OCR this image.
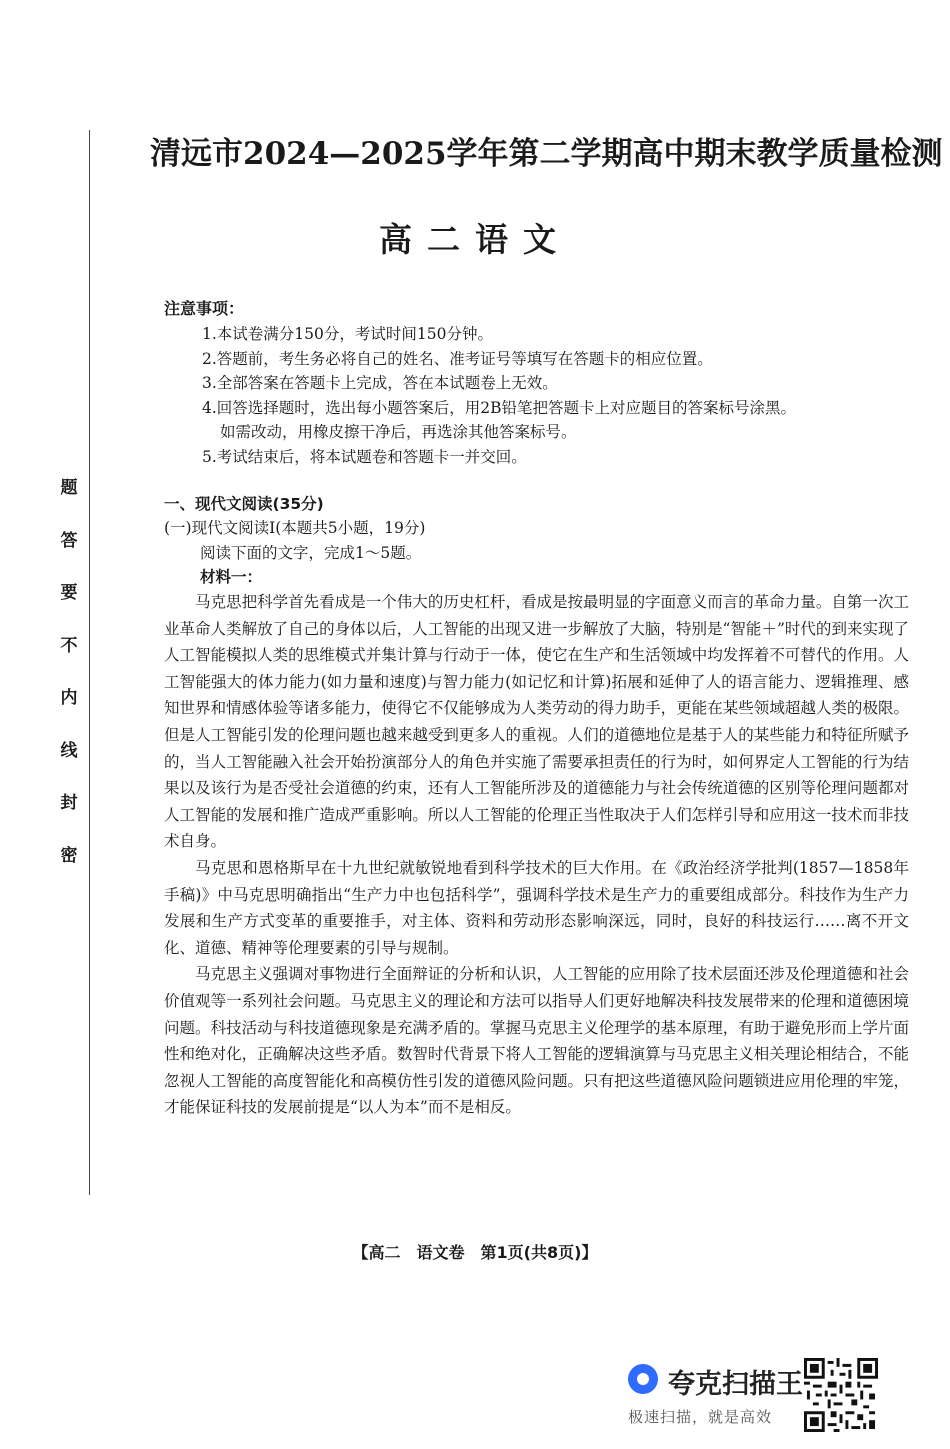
题
答
要
不
内
线
封
密
清远市2024—2025学年第二学期高中期末教学质量检测
高二语文
注意事项：
1.本试卷满分150分，考试时间150分钟。
2.答题前，考生务必将自己的姓名、准考证号等填写在答题卡的相应位置。
3.全部答案在答题卡上完成，答在本试题卷上无效。
4.回答选择题时，选出每小题答案后，用2B铅笔把答题卡上对应题目的答案标号涂黑。
如需改动，用橡皮擦干净后，再选涂其他答案标号。
5.考试结束后，将本试题卷和答题卡一并交回。
一、现代文阅读(35分)
(一)现代文阅读Ⅰ(本题共5小题，19分)
阅读下面的文字，完成1～5题。
材料一：

马克思把科学首先看成是一个伟大的历史杠杆，看成是按最明显的字面意义而言的革命力量。自第一次工业革命人类解放了自己的身体以后，人工智能的出现又进一步解放了大脑，特别是“智能＋”时代的到来实现了人工智能模拟人类的思维模式并集计算与行动于一体，使它在生产和生活领域中均发挥着不可替代的作用。人工智能强大的体力能力(如力量和速度)与智力能力(如记忆和计算)拓展和延伸了人的语言能力、逻辑推理、感知世界和情感体验等诸多能力，使得它不仅能够成为人类劳动的得力助手，更能在某些领域超越人类的极限。但是人工智能引发的伦理问题也越来越受到更多人的重视。人们的道德地位是基于人的某些能力和特征所赋予的，当人工智能融入社会开始扮演部分人的角色并实施了需要承担责任的行为时，如何界定人工智能的行为结果以及该行为是否受社会道德的约束，还有人工智能所涉及的道德能力与社会传统道德的区别等伦理问题都对人工智能的发展和推广造成严重影响。所以人工智能的伦理正当性取决于人们怎样引导和应用这一技术而非技术自身。

马克思和恩格斯早在十九世纪就敏锐地看到科学技术的巨大作用。在《政治经济学批判(1857—1858年手稿)》中马克思明确指出“生产力中也包括科学”，强调科学技术是生产力的重要组成部分。科技作为生产力发展和生产方式变革的重要推手，对主体、资料和劳动形态影响深远，同时，良好的科技运行……离不开文化、道德、精神等伦理要素的引导与规制。

马克思主义强调对事物进行全面辩证的分析和认识，人工智能的应用除了技术层面还涉及伦理道德和社会价值观等一系列社会问题。马克思主义的理论和方法可以指导人们更好地解决科技发展带来的伦理和道德困境问题。科技活动与科技道德现象是充满矛盾的。掌握马克思主义伦理学的基本原理，有助于避免形而上学片面性和绝对化，正确解决这些矛盾。数智时代背景下将人工智能的逻辑演算与马克思主义相关理论相结合，不能忽视人工智能的高度智能化和高模仿性引发的道德风险问题。只有把这些道德风险问题锁进应用伦理的牢笼，才能保证科技的发展前提是“以人为本”而不是相反。

【高二　语文卷　第1页(共8页)】
夸克扫描王
极速扫描，就是高效
